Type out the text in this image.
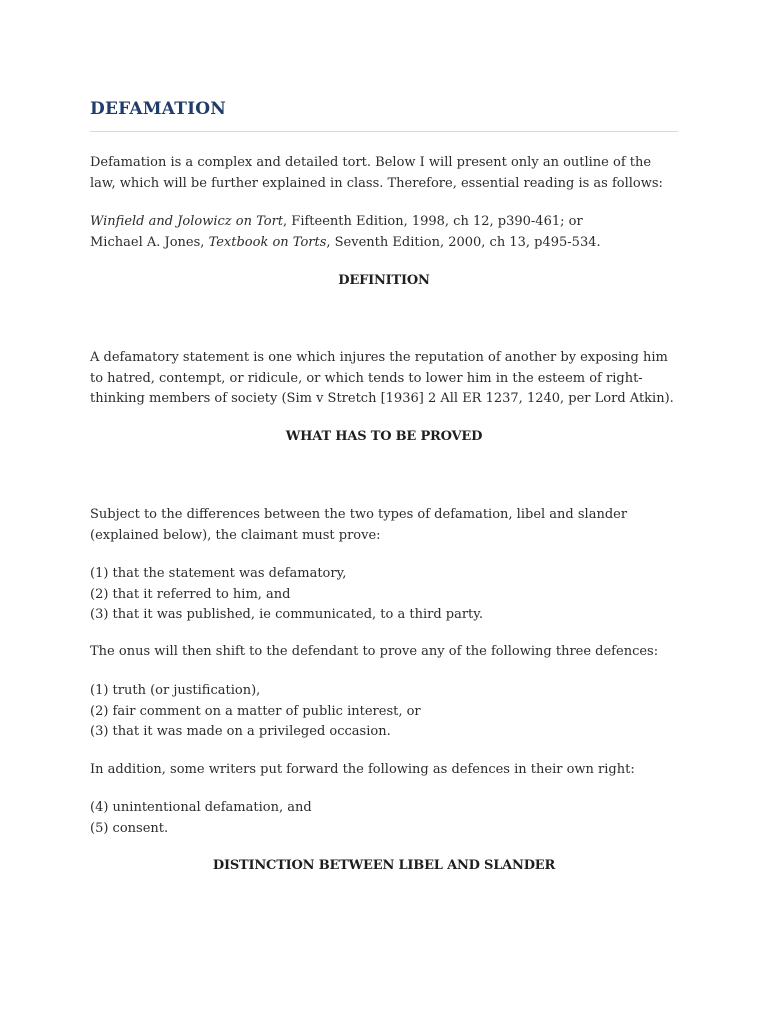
DEFAMATION

Defamation is a complex and detailed tort. Below I will present only an outline of the law, which will be further explained in class. Therefore, essential reading is as follows:

Winfield and Jolowicz on Tort, Fifteenth Edition, 1998, ch 12, p390-461; or
Michael A. Jones, Textbook on Torts, Seventh Edition, 2000, ch 13, p495-534.
DEFINITION

A defamatory statement is one which injures the reputation of another by exposing him to hatred, contempt, or ridicule, or which tends to lower him in the esteem of right-thinking members of society (Sim v Stretch [1936] 2 All ER 1237, 1240, per Lord Atkin).

WHAT HAS TO BE PROVED

Subject to the differences between the two types of defamation, libel and slander (explained below), the claimant must prove:

(1) that the statement was defamatory,
(2) that it referred to him, and
(3) that it was published, ie communicated, to a third party.

The onus will then shift to the defendant to prove any of the following three defences:

(1) truth (or justification),
(2) fair comment on a matter of public interest, or
(3) that it was made on a privileged occasion.

In addition, some writers put forward the following as defences in their own right:

(4) unintentional defamation, and
(5) consent.
DISTINCTION BETWEEN LIBEL AND SLANDER
